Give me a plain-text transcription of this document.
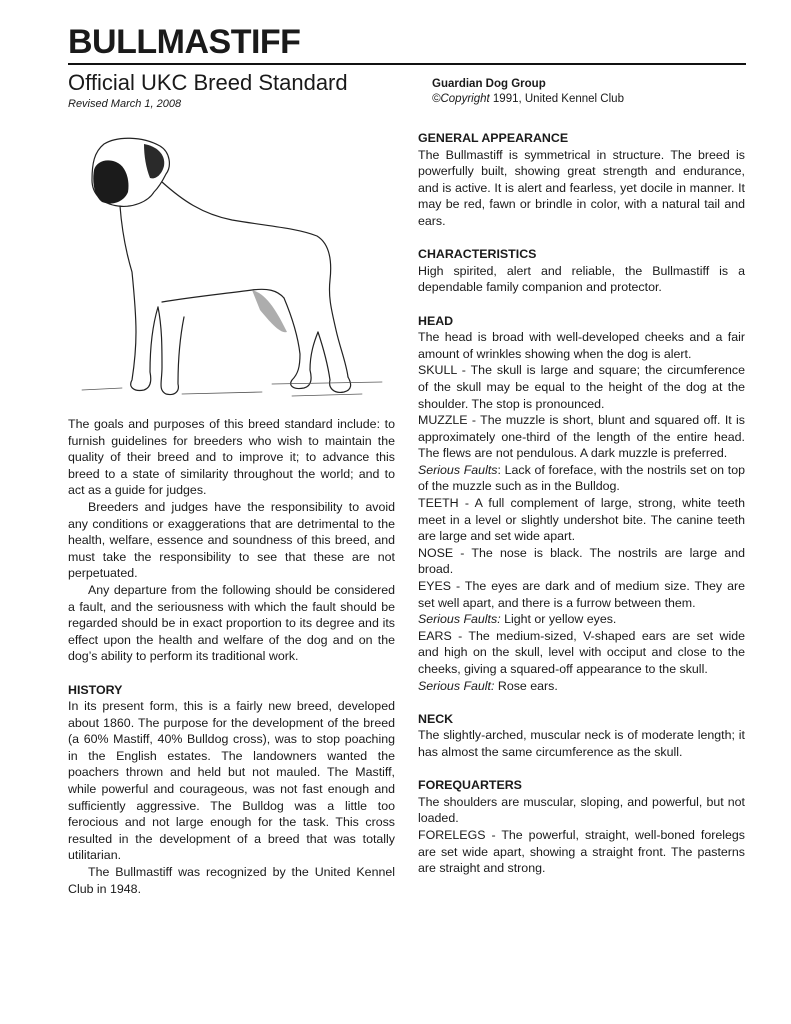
BULLMASTIFF
Official UKC Breed Standard
Revised March 1, 2008
Guardian Dog Group
©Copyright 1991, United Kennel Club

The goals and purposes of this breed standard include: to furnish guidelines for breeders who wish to maintain the quality of their breed and to improve it; to advance this breed to a state of similarity throughout the world; and to act as a guide for judges.

Breeders and judges have the responsibility to avoid any conditions or exaggerations that are detrimental to the health, welfare, essence and soundness of this breed, and must take the responsibility to see that these are not perpetuated.

Any departure from the following should be considered a fault, and the seriousness with which the fault should be regarded should be in exact proportion to its degree and its effect upon the health and welfare of the dog and on the dog’s ability to perform its traditional work.

HISTORY

In its present form, this is a fairly new breed, developed about 1860. The purpose for the development of the breed (a 60% Mastiff, 40% Bulldog cross), was to stop poaching in the English estates. The landowners wanted the poachers thrown and held but not mauled. The Mastiff, while powerful and courageous, was not fast enough and sufficiently aggressive. The Bulldog was a little too ferocious and not large enough for the task. This cross resulted in the development of a breed that was totally utilitarian.

The Bullmastiff was recognized by the United Kennel Club in 1948.

GENERAL APPEARANCE

The Bullmastiff is symmetrical in structure. The breed is powerfully built, showing great strength and endurance, and is active. It is alert and fearless, yet docile in manner. It may be red, fawn or brindle in color, with a natural tail and ears.

CHARACTERISTICS

High spirited, alert and reliable, the Bullmastiff is a dependable family companion and protector.

HEAD

The head is broad with well-developed cheeks and a fair amount of wrinkles showing when the dog is alert.

SKULL - The skull is large and square; the circumference of the skull may be equal to the height of the dog at the shoulder. The stop is pronounced.

MUZZLE - The muzzle is short, blunt and squared off. It is approximately one-third of the length of the entire head. The flews are not pendulous. A dark muzzle is preferred.

Serious Faults: Lack of foreface, with the nostrils set on top of the muzzle such as in the Bulldog.

TEETH - A full complement of large, strong, white teeth meet in a level or slightly undershot bite. The canine teeth are large and set wide apart.

NOSE - The nose is black. The nostrils are large and broad.

EYES - The eyes are dark and of medium size. They are set well apart, and there is a furrow between them.

Serious Faults: Light or yellow eyes.

EARS - The medium-sized, V-shaped ears are set wide and high on the skull, level with occiput and close to the cheeks, giving a squared-off appearance to the skull.

Serious Fault: Rose ears.

NECK

The slightly-arched, muscular neck is of moderate length; it has almost the same circumference as the skull.

FOREQUARTERS

The shoulders are muscular, sloping, and powerful, but not loaded.

FORELEGS - The powerful, straight, well-boned forelegs are set wide apart, showing a straight front. The pasterns are straight and strong.
